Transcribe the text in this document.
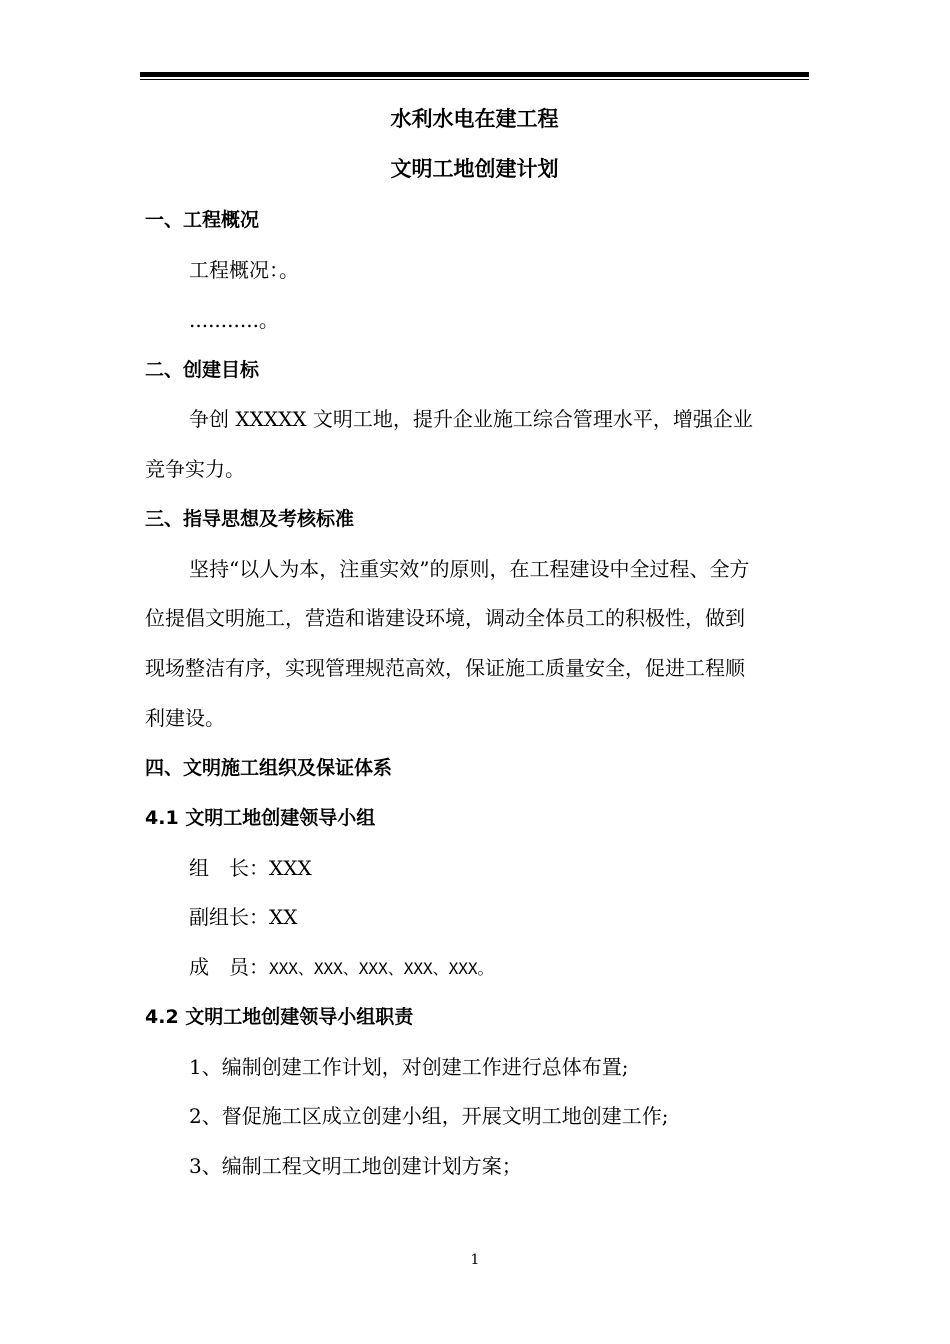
水利水电在建工程
文明工地创建计划
一、工程概况
工程概况：。
...........。
二、创建目标
争创 XXXXX 文明工地，提升企业施工综合管理水平，增强企业
竞争实力。
三、指导思想及考核标准
坚持“以人为本，注重实效”的原则，在工程建设中全过程、全方
位提倡文明施工，营造和谐建设环境，调动全体员工的积极性，做到
现场整洁有序，实现管理规范高效，保证施工质量安全，促进工程顺
利建设。
四、文明施工组织及保证体系
4.1 文明工地创建领导小组
组　长：XXX
副组长：XX
成　员：XXX、XXX、XXX、XXX、XXX。
4.2 文明工地创建领导小组职责
1、编制创建工作计划，对创建工作进行总体布置;
2、督促施工区成立创建小组，开展文明工地创建工作;
3、编制工程文明工地创建计划方案；
1
